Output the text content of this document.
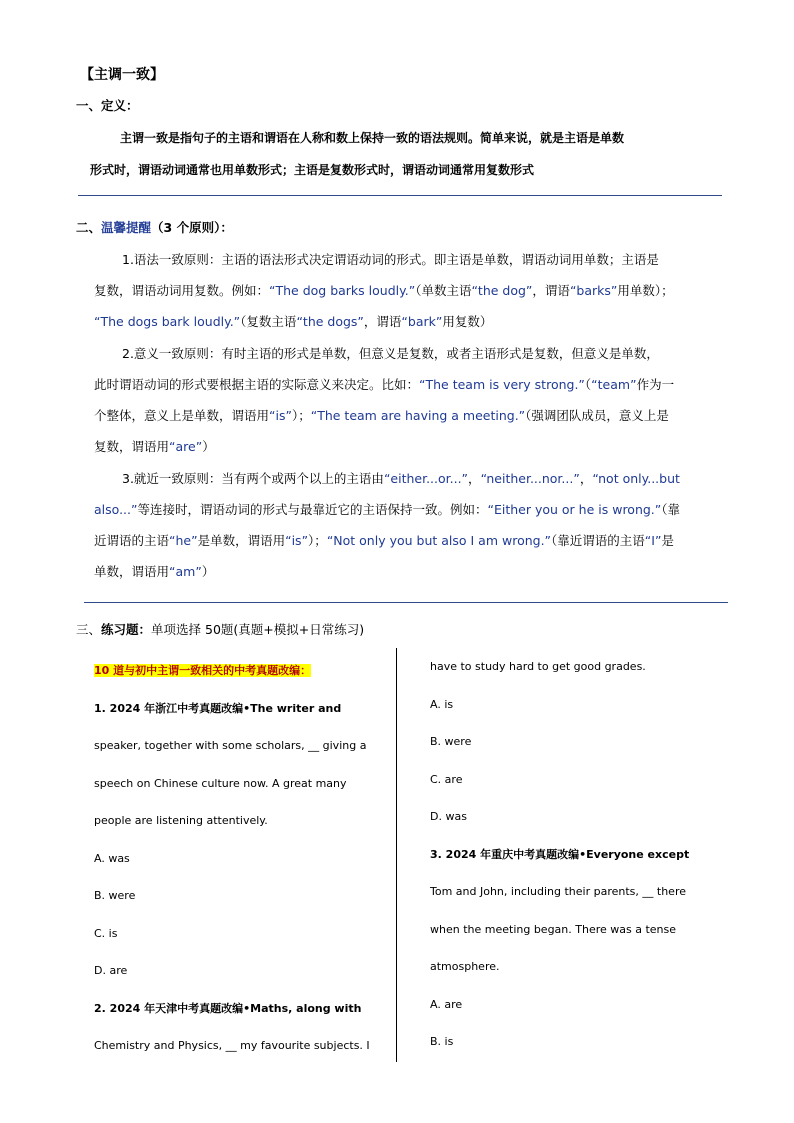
【主调一致】
一、定义：
主谓一致是指句子的主语和谓语在人称和数上保持一致的语法规则。简单来说，就是主语是单数
形式时，谓语动词通常也用单数形式；主语是复数形式时，谓语动词通常用复数形式
二、温馨提醒（3 个原则）：
1.语法一致原则：主语的语法形式决定谓语动词的形式。即主语是单数，谓语动词用单数；主语是
复数，谓语动词用复数。例如：“The dog barks loudly.”（单数主语“the dog”，谓语“barks”用单数）；
“The dogs bark loudly.”（复数主语“the dogs”，谓语“bark”用复数）
2.意义一致原则：有时主语的形式是单数，但意义是复数，或者主语形式是复数，但意义是单数，
此时谓语动词的形式要根据主语的实际意义来决定。比如：“The team is very strong.”（“team”作为一
个整体，意义上是单数，谓语用“is”）；“The team are having a meeting.”（强调团队成员，意义上是
复数，谓语用“are”）
3.就近一致原则：当有两个或两个以上的主语由“either...or...”，“neither...nor...”，“not only...but
also...”等连接时，谓语动词的形式与最靠近它的主语保持一致。例如：“Either you or he is wrong.”（靠
近谓语的主语“he”是单数，谓语用“is”）；“Not only you but also I am wrong.”（靠近谓语的主语“I”是
单数，谓语用“am”）
三、练习题：单项选择 50题(真题+模拟+日常练习)
10 道与初中主谓一致相关的中考真题改编：
1. 2024 年浙江中考真题改编•The writer and
speaker, together with some scholars, __ giving a
speech on Chinese culture now. A great many
people are listening attentively.
A. was
B. were
C. is
D. are
2. 2024 年天津中考真题改编•Maths, along with
Chemistry and Physics, __ my favourite subjects. I
have to study hard to get good grades.
A. is
B. were
C. are
D. was
3. 2024 年重庆中考真题改编•Everyone except
Tom and John, including their parents, __ there
when the meeting began. There was a tense
atmosphere.
A. are
B. is
